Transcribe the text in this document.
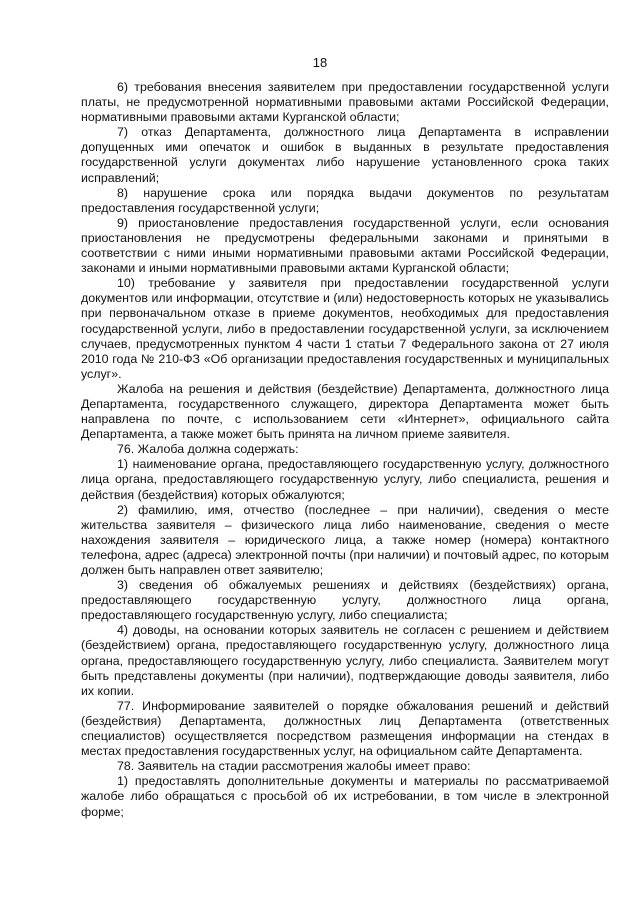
18

6) требования внесения заявителем при предоставлении государственной услуги платы, не предусмотренной нормативными правовыми актами Российской Федерации, нормативными правовыми актами Курганской области;

7) отказ Департамента, должностного лица Департамента в исправлении допущенных ими опечаток и ошибок в выданных в результате предоставления государственной услуги документах либо нарушение установленного срока таких исправлений;

8) нарушение срока или порядка выдачи документов по результатам предоставления государственной услуги;

9) приостановление предоставления государственной услуги, если основания приостановления не предусмотрены федеральными законами и принятыми в соответствии с ними иными нормативными правовыми актами Российской Федерации, законами и иными нормативными правовыми актами Курганской области;

10) требование у заявителя при предоставлении государственной услуги документов или информации, отсутствие и (или) недостоверность которых не указывались при первоначальном отказе в приеме документов, необходимых для предоставления государственной услуги, либо в предоставлении государственной услуги, за исключением случаев, предусмотренных пунктом 4 части 1 статьи 7 Федерального закона от 27 июля 2010 года № 210-ФЗ «Об организации предоставления государственных и муниципальных услуг».

Жалоба на решения и действия (бездействие) Департамента, должностного лица Департамента, государственного служащего, директора Департамента может быть направлена по почте, с использованием сети «Интернет», официального сайта Департамента, а также может быть принята на личном приеме заявителя.

76. Жалоба должна содержать:

1) наименование органа, предоставляющего государственную услугу, должностного лица органа, предоставляющего государственную услугу, либо специалиста, решения и действия (бездействия) которых обжалуются;

2) фамилию, имя, отчество (последнее – при наличии), сведения о месте жительства заявителя – физического лица либо наименование, сведения о месте нахождения заявителя – юридического лица, а также номер (номера) контактного телефона, адрес (адреса) электронной почты (при наличии) и почтовый адрес, по которым должен быть направлен ответ заявителю;

3) сведения об обжалуемых решениях и действиях (бездействиях) органа, предоставляющего государственную услугу, должностного лица органа, предоставляющего государственную услугу, либо специалиста;

4) доводы, на основании которых заявитель не согласен с решением и действием (бездействием) органа, предоставляющего государственную услугу, должностного лица органа, предоставляющего государственную услугу, либо специалиста. Заявителем могут быть представлены документы (при наличии), подтверждающие доводы заявителя, либо их копии.

77. Информирование заявителей о порядке обжалования решений и действий (бездействия) Департамента, должностных лиц Департамента (ответственных специалистов) осуществляется посредством размещения информации на стендах в местах предоставления государственных услуг, на официальном сайте Департамента.

78. Заявитель на стадии рассмотрения жалобы имеет право:

1) предоставлять дополнительные документы и материалы по рассматриваемой жалобе либо обращаться с просьбой об их истребовании, в том числе в электронной форме;
